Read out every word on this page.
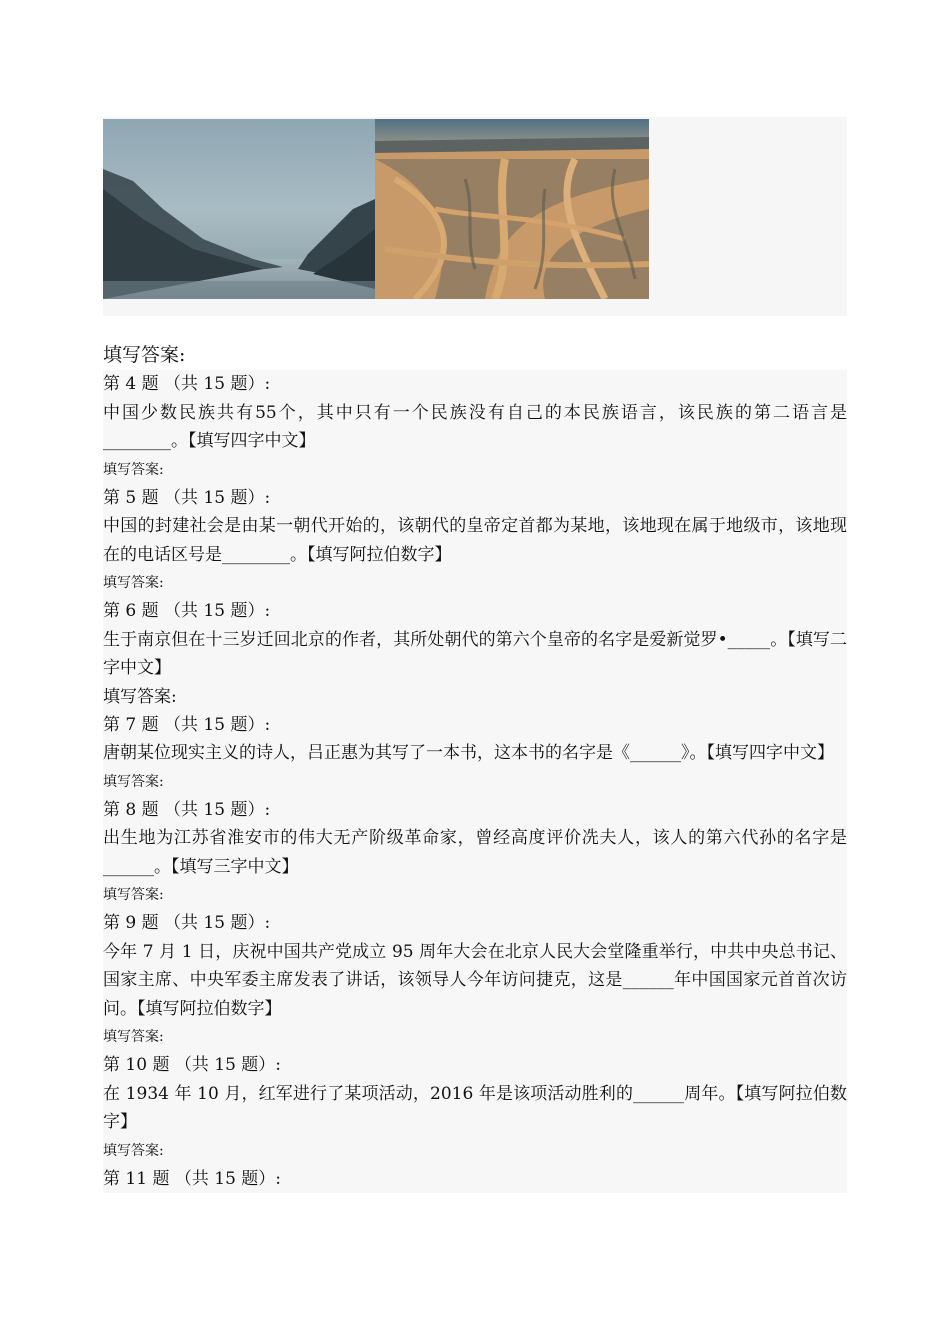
填写答案:
第 4 题 （共 15 题）:
中国少数民族共有55个，其中只有一个民族没有自己的本民族语言，该民族的第二语言是________。【填写四字中文】
填写答案:
第 5 题 （共 15 题）:
中国的封建社会是由某一朝代开始的，该朝代的皇帝定首都为某地，该地现在属于地级市，该地现在的电话区号是________。【填写阿拉伯数字】
填写答案:
第 6 题 （共 15 题）:
生于南京但在十三岁迁回北京的作者，其所处朝代的第六个皇帝的名字是爱新觉罗•_____。【填写二字中文】
填写答案:
第 7 题 （共 15 题）:
唐朝某位现实主义的诗人，吕正惠为其写了一本书，这本书的名字是《______》。【填写四字中文】
填写答案:
第 8 题 （共 15 题）:
出生地为江苏省淮安市的伟大无产阶级革命家，曾经高度评价冼夫人，该人的第六代孙的名字是______。【填写三字中文】
填写答案:
第 9 题 （共 15 题）:
今年 7 月 1 日，庆祝中国共产党成立 95 周年大会在北京人民大会堂隆重举行，中共中央总书记、国家主席、中央军委主席发表了讲话，该领导人今年访问捷克，这是______年中国国家元首首次访问。【填写阿拉伯数字】
填写答案:
第 10 题 （共 15 题）:
在 1934 年 10 月，红军进行了某项活动，2016 年是该项活动胜利的______周年。【填写阿拉伯数字】
填写答案:
第 11 题 （共 15 题）:
